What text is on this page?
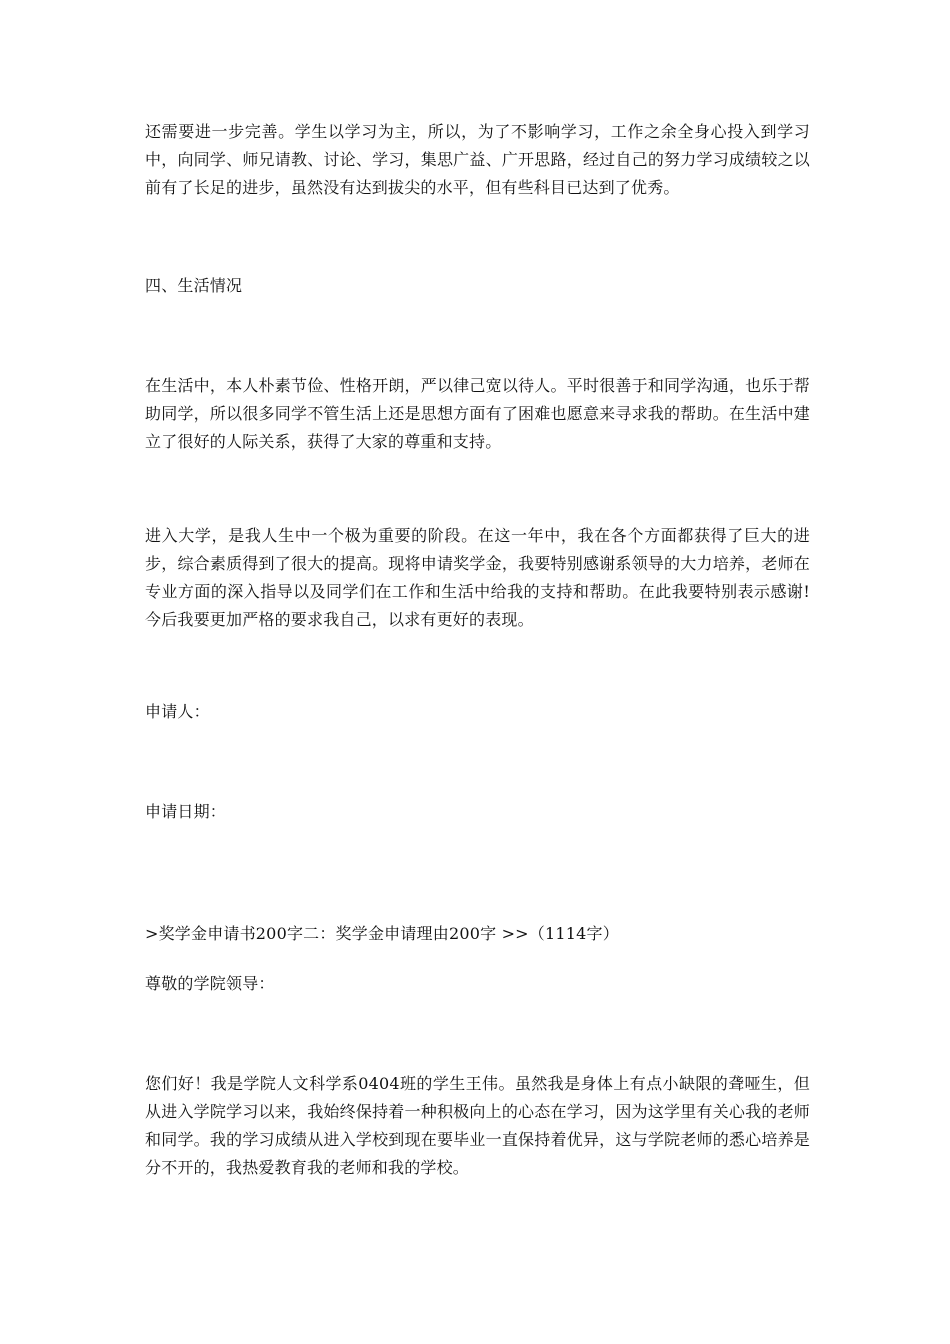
还需要进一步完善。学生以学习为主，所以，为了不影响学习，工作之余全身心投入到学习中，向同学、师兄请教、讨论、学习，集思广益、广开思路，经过自己的努力学习成绩较之以前有了长足的进步，虽然没有达到拔尖的水平，但有些科目已达到了优秀。

四、生活情况

在生活中，本人朴素节俭、性格开朗，严以律己宽以待人。平时很善于和同学沟通，也乐于帮助同学，所以很多同学不管生活上还是思想方面有了困难也愿意来寻求我的帮助。在生活中建立了很好的人际关系，获得了大家的尊重和支持。

进入大学，是我人生中一个极为重要的阶段。在这一年中，我在各个方面都获得了巨大的进步，综合素质得到了很大的提高。现将申请奖学金，我要特别感谢系领导的大力培养，老师在专业方面的深入指导以及同学们在工作和生活中给我的支持和帮助。在此我要特别表示感谢!今后我要更加严格的要求我自己，以求有更好的表现。

申请人：

申请日期：

>奖学金申请书200字二：奖学金申请理由200字 >>（1114字）

尊敬的学院领导：

您们好！我是学院人文科学系0404班的学生王伟。虽然我是身体上有点小缺限的聋哑生，但从进入学院学习以来，我始终保持着一种积极向上的心态在学习，因为这学里有关心我的老师和同学。我的学习成绩从进入学校到现在要毕业一直保持着优异，这与学院老师的悉心培养是分不开的，我热爱教育我的老师和我的学校。
